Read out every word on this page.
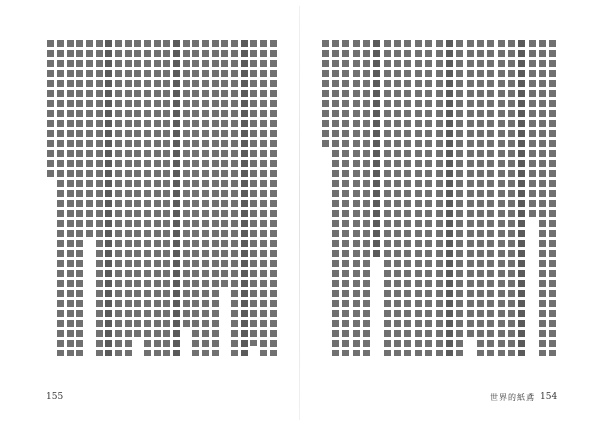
155	世界的紙鳶 154
